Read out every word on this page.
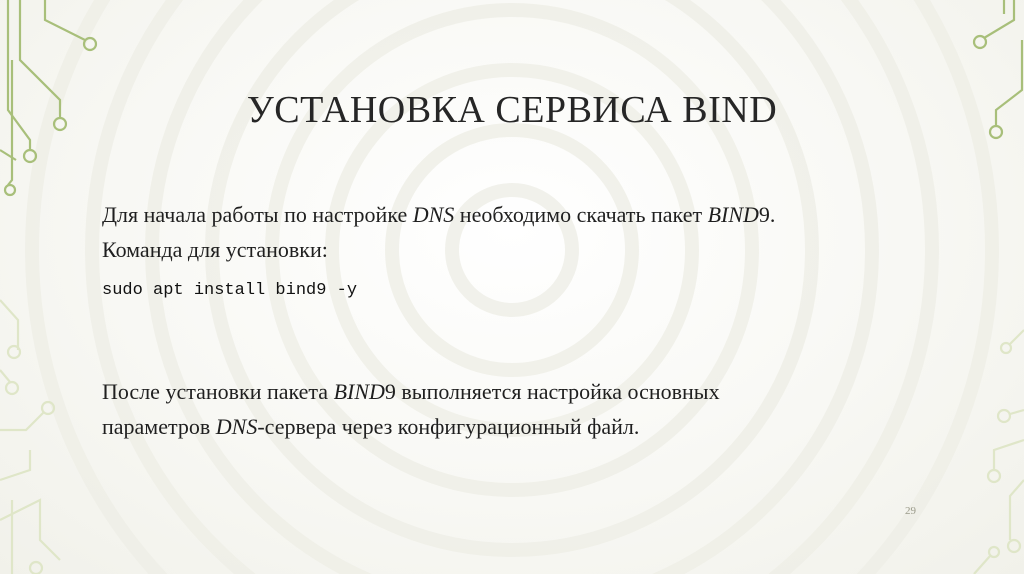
УСТАНОВКА СЕРВИСА BIND
Для начала работы по настройке DNS необходимо скачать пакет BIND9.
Команда для установки:
sudo apt install bind9 -y
После установки пакета BIND9 выполняется настройка основных
параметров DNS-сервера через конфигурационный файл.
29
